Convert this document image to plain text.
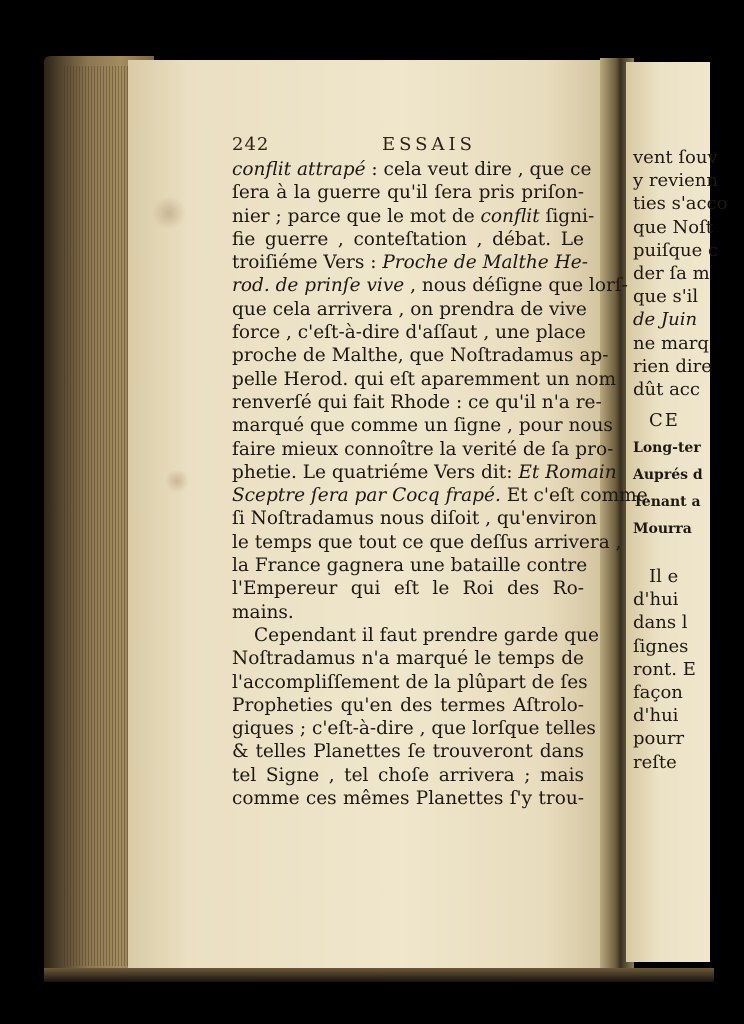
242	ESSAIS
conflit attrapé : cela veut dire , que ce
ſera à la guerre qu'il ſera pris priſon-
nier ; parce que le mot de conflit ſigni-
fie guerre , conteſtation , débat. Le
troiſiéme Vers : Proche de Malthe He-
rod. de prinſe vive , nous déſigne que lorſ-
que cela arrivera , on prendra de vive
force , c'eſt-à-dire d'aſſaut , une place
proche de Malthe, que Noſtradamus ap-
pelle Herod. qui eſt aparemment un nom
renverſé qui fait Rhode : ce qu'il n'a re-
marqué que comme un ſigne , pour nous
faire mieux connoître la verité de ſa pro-
phetie. Le quatriéme Vers dit: Et Romain
Sceptre ſera par Cocq frapé. Et c'eſt comme
ſi Noſtradamus nous diſoit , qu'environ
le temps que tout ce que deſſus arrivera ,
la France gagnera une bataille contre
l'Empereur qui eſt le Roi des Ro-
mains.
Cependant il faut prendre garde que
Noſtradamus n'a marqué le temps de
l'accompliſſement de la plûpart de ſes
Propheties qu'en des termes Aſtrolo-
giques ; c'eſt-à-dire , que lorſque telles
& telles Planettes ſe trouveront dans
tel Signe , tel choſe arrivera ; mais
comme ces mêmes Planettes ſ'y trou-
vent ſouv
y revienn
ties s'acco
que Noſt
puiſque c
der ſa m
que s'il
de Juin
ne marq
rien dire
dût acc
CE
Long-ter
Auprés d
Tenant a
Mourra
Il e
d'hui
dans l
ſignes
ront. E
façon
d'hui
pourr
reſte
